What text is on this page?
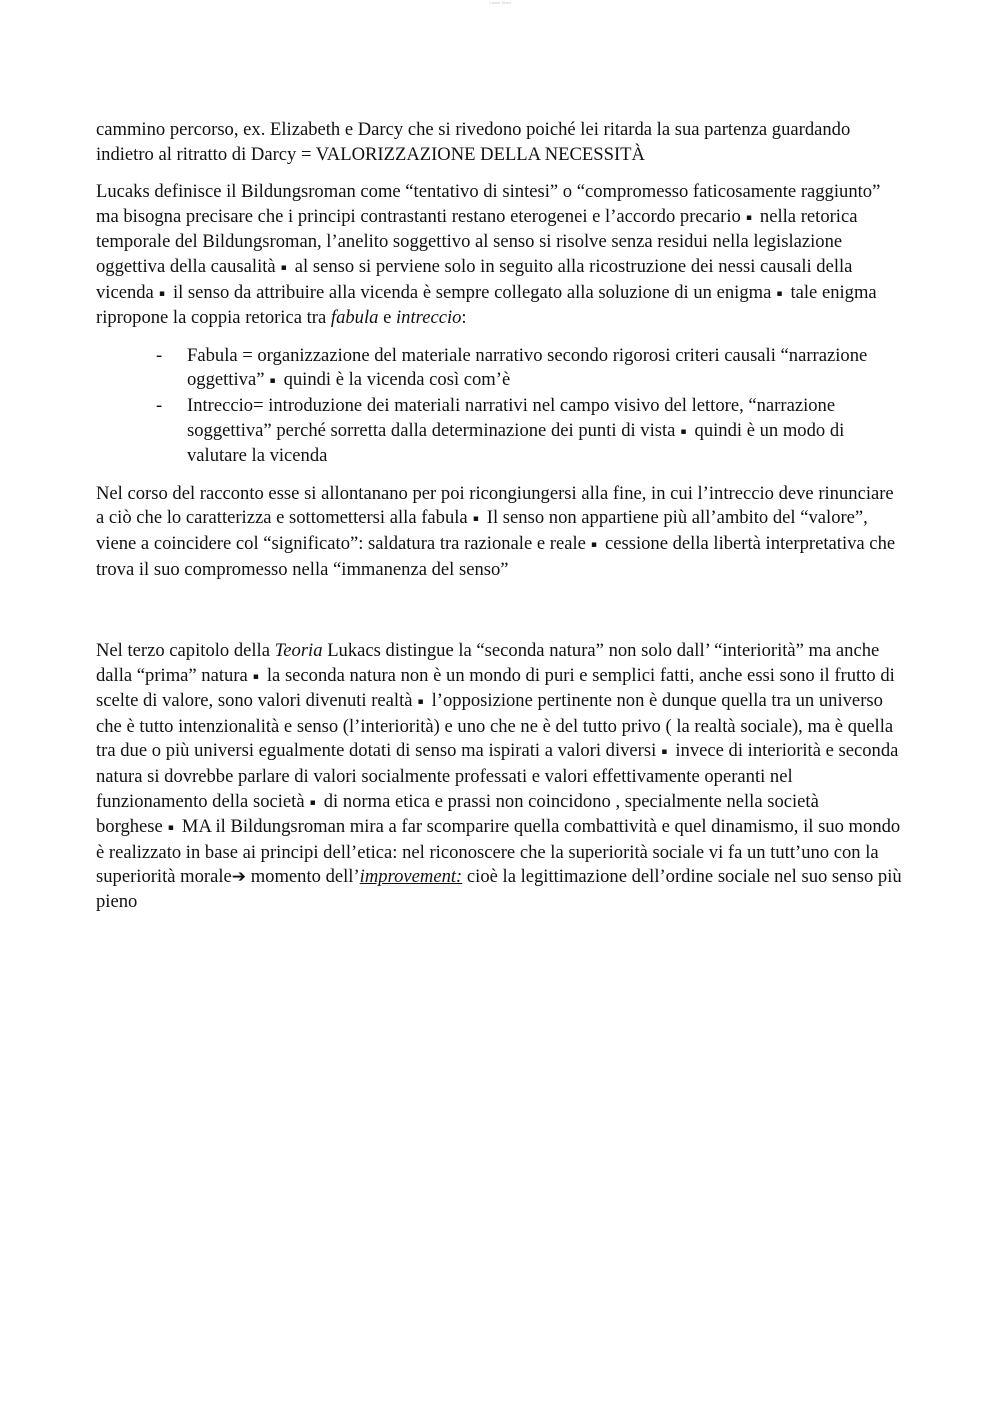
Lavori Word

cammino percorso, ex. Elizabeth e Darcy che si rivedono poiché lei ritarda la sua partenza guardando indietro al ritratto di Darcy = VALORIZZAZIONE DELLA NECESSITÀ

Lucaks definisce il Bildungsroman come “tentativo di sintesi” o “compromesso faticosamente raggiunto” ma bisogna precisare che i principi contrastanti restano eterogenei e l’accordo precario ▪ nella retorica temporale del Bildungsroman, l’anelito soggettivo al senso si risolve senza residui nella legislazione oggettiva della causalità ▪ al senso si perviene solo in seguito alla ricostruzione dei nessi causali della vicenda ▪ il senso da attribuire alla vicenda è sempre collegato alla soluzione di un enigma ▪ tale enigma ripropone la coppia retorica tra fabula e intreccio:

- Fabula = organizzazione del materiale narrativo secondo rigorosi criteri causali “narrazione oggettiva” ▪ quindi è la vicenda così com’è
- Intreccio= introduzione dei materiali narrativi nel campo visivo del lettore, “narrazione soggettiva” perché sorretta dalla determinazione dei punti di vista ▪ quindi è un modo di valutare la vicenda

Nel corso del racconto esse si allontanano per poi ricongiungersi alla fine, in cui l’intreccio deve rinunciare a ciò che lo caratterizza e sottomettersi alla fabula ▪ Il senso non appartiene più all’ambito del “valore”, viene a coincidere col “significato”: saldatura tra razionale e reale ▪ cessione della libertà interpretativa che trova il suo compromesso nella “immanenza del senso”

Nel terzo capitolo della Teoria Lukacs distingue la “seconda natura” non solo dall’ “interiorità” ma anche dalla “prima” natura ▪ la seconda natura non è un mondo di puri e semplici fatti, anche essi sono il frutto di scelte di valore, sono valori divenuti realtà ▪ l’opposizione pertinente non è dunque quella tra un universo che è tutto intenzionalità e senso (l’interiorità) e uno che ne è del tutto privo ( la realtà sociale), ma è quella tra due o più universi egualmente dotati di senso ma ispirati a valori diversi ▪ invece di interiorità e seconda natura si dovrebbe parlare di valori socialmente professati e valori effettivamente operanti nel funzionamento della società ▪ di norma etica e prassi non coincidono , specialmente nella società borghese ▪ MA il Bildungsroman mira a far scomparire quella combattività e quel dinamismo, il suo mondo è realizzato in base ai principi dell’etica: nel riconoscere che la superiorità sociale vi fa un tutt’uno con la superiorità morale➔ momento dell’improvement: cioè la legittimazione dell’ordine sociale nel suo senso più pieno
